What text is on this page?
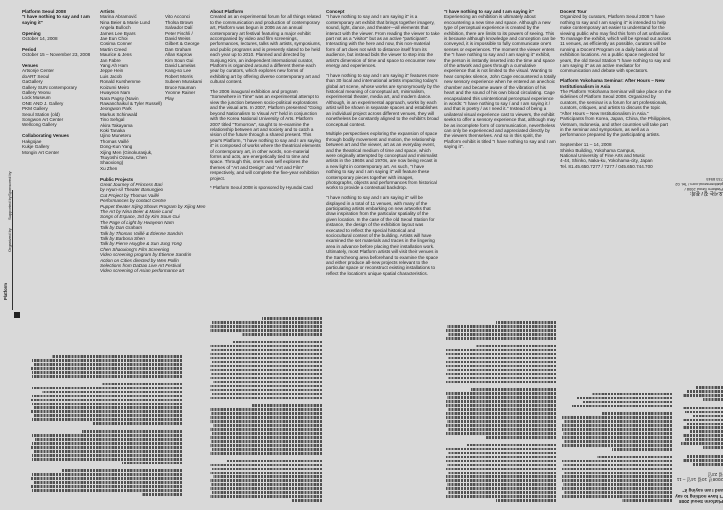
Platform
Organized by
Supported by
Sponsored by
Platform Seoul 2008
"I have nothing to say and I am saying it"
Opening
October 14, 2008
Period
October 15 – November 23, 2008
Venues
Artsonje Center
doART Seoul
GaGallery
Gallery SUN contemporary
Gallery Yeonu
Lock Museum
ONE AND J. Gallery
PKM Gallery
Seoul Station (old)
Songwon Art Center
Wellcong Gallery
Collaborating Venues
Hakgojae
Kukje Gallery
Mongin Art Center
Artists
Marina Abramović
Nina Beier & Marie Lund
Angela Bulloch
James Lee Byars
Jae Eun Choi
Cosima Conner
Martin Creed
Maurice & Jens
Jan Fabre
Yang Ah Ham
Jeppe Hein
Luis Jacob
Ronald Kurshemme
Koizumi Meiro
Hwayeon Nam
Nara Pagsy (Navin Rawanchaikul & Tyler Russell)
Jeongwon Park
Markus Schinwald
Tino Sehgal
Akira Takayama
Koki Tanaka
Ujino Muneteru
Thomas Vaillé
Dong-Kun Yang
Xijing Men (Ginokurasjuk, Tsuyoshi Ozawa, Chen Shaoxiong)
Xu Zhen
Vito Acconci
Tholsa Brown
Salvador Dalí
Peter Fischli / David Weiss
Gilbert & George
Dan Graham
Allan Kaprow
Kim Soun Gui
David Lamelas
Kang-so Lee
Robert Morris
Subeen Murakami
Bruce Nauman
Yvonne Rainer
Play
Public Projects
Great Journey of Princess Bari
by Hyun-sil Theater Banungjeo
Cut Project by Thomas Vaillé
Performances by contact Centre
Puppet theater Xijing Shows Program by Xijing Men
The Art by Nina Beier & Marie Lund
Songs of Espace, 3rd by Kim Soun Gui
The Page of Light by Hwayeon Nam
Talk by Dan Graham
Talk by Thomas Vaillé & Étienne Sandrin
Talk by Barbosa Shen
Talk by Pierre Huyghe & Sun Jung Yong
Chen Shaoxiong's Film Screening
Video screening program by Étienne Sandrin
Action on Cities directed by Wen Pollin
Selections from DaDao Live Art Festival
Video screening of Asian performance art
About Platform

Created as an experimental forum for all things related to the communication and production of contemporary art, Platform was begun in 2006 as an annual contemporary art festival featuring a major exhibit accompanied by video and film screenings, performances, lectures, talks with artists, symposiums, and public programs and is presently slated to be held each year up to 2010. Planned and directed by Sunjung Kim, an independent international curator, Platform is organized around a different theme each year by curators, which explores new forms of exhibiting art by offering diverse contemporary art and cultural content.

The 2006 inaugural exhibition and program "Somewhere in Time" was an experimental attempt to view the junction between socio-political explorations and the visual arts. In 2007, Platform presented "Going beyond Nationalism to Visual Art" held in conjunction with the Korea National University of Arts. Platform 2007 titled "Tomorrow", sought to re-examine the relationship between art and society and to catch a vision of the future through a shared present. This year's Platform, "I have nothing to say and I am saying it" is composed of works where the theatrical elements of contemporary art, in other words, non-material forms and acts, are energetically tied to time and space. Through this, one's own self explores the themes of "Art and Design" and "Art and Film" respectively, and will complete the five-year exhibition project.

* Platform Seoul 2008 is sponsored by Hyundai Card
Concept

"I have nothing to say and I am saying it" is a contemporary art exhibit that brings together imagery, sound, light, dance, and theater—all elements that interact with the viewer. From reading the viewer to take part not as a "visitor" but as an active "participant". Interacting with the here and now, this non-material form of art does not wish to distance itself from its audience, but instead bids the viewer to step into the artist's dimension of time and space to encounter new energy and experiences.

"I have nothing to say and I am saying it" features more than 30 local and international artists impacting today's global art scene, whose works are synonymously by the historical meaning of conceptual art, minimalism, experimental theater, media art, and modern dance. Although, in an experimental approach, works by each artist will be shown in separate spaces and establishes an individual project across different venues, they will nonetheless be constantly aligned to the exhibit's broad conceptual context.

Multiple perspectives exploring the expansion of space through bodily movement and motion, the relationship between art and the viewer, art as an everyday event, and the theatrical medium of time and space, which were originally attempted by conceptual and minimalist artists in the 1960s and 1970s, are now being recast in a new light in contemporary art. As such, "I have nothing to say and I am saying it" will feature these contemporary pieces together with images, photographs, objects and performances from historical works to provide a contextual backdrop.

"I have nothing to say and I am saying it" will be displayed in a total of 11 venues, with many of the participating artists embarking on new artworks that draw inspiration from the particular spatiality of the given location. In the case of the old Seoul Station for instance, the design of the exhibition layout was executed to reflect the special historical and sociocultural context of the building. Artists will have examined the set materials and traces in the lingering area in advance before placing their installation work. Ultimately, most Platform artists will visit their venues in the Samcheong area beforehand to examine the space and either produce all-new projects relevant to the particular space or reconstruct existing installations to reflect the location's unique spatial characteristics.

"I have nothing to say and I am saying it"

Experiencing an exhibition is ultimately about encountering a new time and space. Although a new type of perceptual experience is created by the exhibition, there are limits to its powers of seeing. This is because although knowledge and conception can be conveyed, it is impossible to fully communicate one's senses or experiences. The moment the viewer enters the "I have nothing to say and I am saying it" exhibit, the person is instantly inserted into the time and space of the artwork and goes through a cumulative experience that is not limited to the visual. Wanting to hear complex silence, John Cage encountered a totally new sensory experience when he entered an anechoic chamber and became aware of the vibration of his heart and the sound of his own blood circulating. Cage encapsulated this unintentional perceptual experience in words: "I have nothing to say / and I am saying it / and that is poetry / as I need it." Instead of being a unilateral visual experience cast to viewers, the exhibit seeks to offer a sensory experience that, although may be as incomplete form of communication, nevertheless can only be experienced and appreciated directly by the viewers themselves. And so in this spirit, the Platform exhibit is titled "I have nothing to say and I am saying it".

Docent Tour

Organized by curators, Platform Seoul 2008 "I have nothing to say and I am saying it" is intended to help make contemporary art easier to understand for the viewing public who may find this form of art unfamiliar. To manage the exhibit, which will be spread out across 11 venues, as efficiently as possible, curators will be running a Docent Program on a daily basis at all exhibition locations. As a public space neglected for years, the old Seoul Station "I have nothing to say and I am saying it" as an active mediator for communication and debate with spectators.

Platform Yokohama Seminar: After Hours – New Institutionalism in Asia

The Platform Yokohama Seminar will take place on the sidelines of Platform Seoul 2008. Organized by curators, the seminar is a forum for art professionals, curators, critiques, and artists to discuss the topic "After Hours – New Institutionalism in Asia." Participants from Korea, Japan, China, the Philippines, Vietnam, Indonesia, and other countries will take part in the seminar and symposium, as well as a performance prepared by the participating artists.

September 11 – 14, 2008
Shinko Building, Yokohama Campus,
National University of Fine Arts and Music
4-44, Shinko, Naka-ku, Yokohama-city, Japan
Tel. 81.45.650.7277 / 7277 / 045.650.744.700

Platform Seoul 2008
"I have nothing to say and I am saying it"
2008년 10월 14일 – 11월 23일
오시는 길 / 문의:
Platform Seoul 2008 / platformseoul.com / Tel. 02 733 8945
